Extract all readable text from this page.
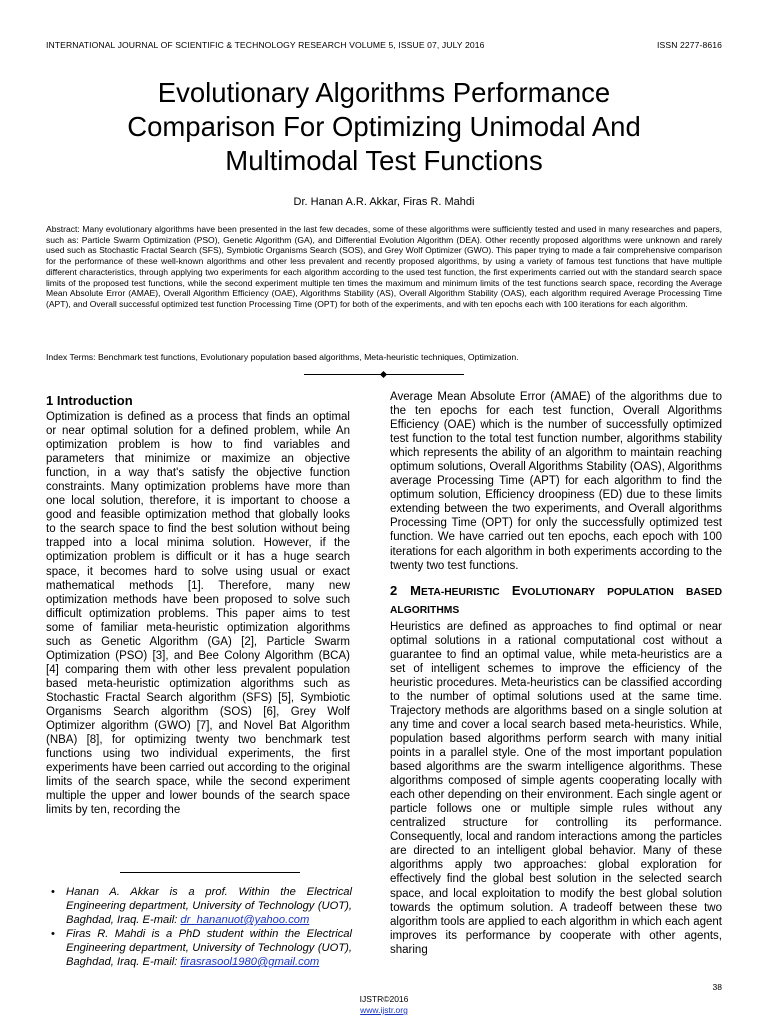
INTERNATIONAL JOURNAL OF SCIENTIFIC & TECHNOLOGY RESEARCH VOLUME 5, ISSUE 07, JULY 2016	ISSN 2277-8616
Evolutionary Algorithms Performance
Comparison For Optimizing Unimodal And
Multimodal Test Functions
Dr. Hanan A.R. Akkar, Firas R. Mahdi
Abstract: Many evolutionary algorithms have been presented in the last few decades, some of these algorithms were sufficiently tested and used in many researches and papers, such as: Particle Swarm Optimization (PSO), Genetic Algorithm (GA), and Differential Evolution Algorithm (DEA). Other recently proposed algorithms were unknown and rarely used such as Stochastic Fractal Search (SFS), Symbiotic Organisms Search (SOS), and Grey Wolf Optimizer (GWO). This paper trying to made a fair comprehensive comparison for the performance of these well-known algorithms and other less prevalent and recently proposed algorithms, by using a variety of famous test functions that have multiple different characteristics, through applying two experiments for each algorithm according to the used test function, the first experiments carried out with the standard search space limits of the proposed test functions, while the second experiment multiple ten times the maximum and minimum limits of the test functions search space, recording the Average Mean Absolute Error (AMAE), Overall Algorithm Efficiency (OAE), Algorithms Stability (AS), Overall Algorithm Stability (OAS), each algorithm required Average Processing Time (APT), and Overall successful optimized test function Processing Time (OPT) for both of the experiments, and with ten epochs each with 100 iterations for each algorithm.
Index Terms: Benchmark test functions, Evolutionary population based algorithms, Meta-heuristic techniques, Optimization.
1 Introduction

Optimization is defined as a process that finds an optimal or near optimal solution for a defined problem, while An optimization problem is how to find variables and parameters that minimize or maximize an objective function, in a way that's satisfy the objective function constraints. Many optimization problems have more than one local solution, therefore, it is important to choose a good and feasible optimization method that globally looks to the search space to find the best solution without being trapped into a local minima solution. However, if the optimization problem is difficult or it has a huge search space, it becomes hard to solve using usual or exact mathematical methods [1]. Therefore, many new optimization methods have been proposed to solve such difficult optimization problems. This paper aims to test some of familiar meta-heuristic optimization algorithms such as Genetic Algorithm (GA) [2], Particle Swarm Optimization (PSO) [3], and Bee Colony Algorithm (BCA) [4] comparing them with other less prevalent population based meta-heuristic optimization algorithms such as Stochastic Fractal Search algorithm (SFS) [5], Symbiotic Organisms Search algorithm (SOS) [6], Grey Wolf Optimizer algorithm (GWO) [7], and Novel Bat Algorithm (NBA) [8], for optimizing twenty two benchmark test functions using two individual experiments, the first experiments have been carried out according to the original limits of the search space, while the second experiment multiple the upper and lower bounds of the search space limits by ten, recording the

Average Mean Absolute Error (AMAE) of the algorithms due to the ten epochs for each test function, Overall Algorithms Efficiency (OAE) which is the number of successfully optimized test function to the total test function number, algorithms stability which represents the ability of an algorithm to maintain reaching optimum solutions, Overall Algorithms Stability (OAS), Algorithms average Processing Time (APT) for each algorithm to find the optimum solution, Efficiency droopiness (ED) due to these limits extending between the two experiments, and Overall algorithms Processing Time (OPT) for only the successfully optimized test function. We have carried out ten epochs, each epoch with 100 iterations for each algorithm in both experiments according to the twenty two test functions.

2 META-HEURISTIC EVOLUTIONARY POPULATION BASED ALGORITHMS

Heuristics are defined as approaches to find optimal or near optimal solutions in a rational computational cost without a guarantee to find an optimal value, while meta-heuristics are a set of intelligent schemes to improve the efficiency of the heuristic procedures. Meta-heuristics can be classified according to the number of optimal solutions used at the same time. Trajectory methods are algorithms based on a single solution at any time and cover a local search based meta-heuristics. While, population based algorithms perform search with many initial points in a parallel style. One of the most important population based algorithms are the swarm intelligence algorithms. These algorithms composed of simple agents cooperating locally with each other depending on their environment. Each single agent or particle follows one or multiple simple rules without any centralized structure for controlling its performance. Consequently, local and random interactions among the particles are directed to an intelligent global behavior. Many of these algorithms apply two approaches: global exploration for effectively find the global best solution in the selected search space, and local exploitation to modify the best global solution towards the optimum solution. A tradeoff between these two algorithm tools are applied to each algorithm in which each agent improves its performance by cooperate with other agents, sharing

• Hanan A. Akkar is a prof. Within the Electrical Engineering department, University of Technology (UOT), Baghdad, Iraq. E-mail: dr_hananuot@yahoo.com
• Firas R. Mahdi is a PhD student within the Electrical Engineering department, University of Technology (UOT), Baghdad, Iraq. E-mail: firasrasool1980@gmail.com
38
IJSTR©2016
www.ijstr.org
